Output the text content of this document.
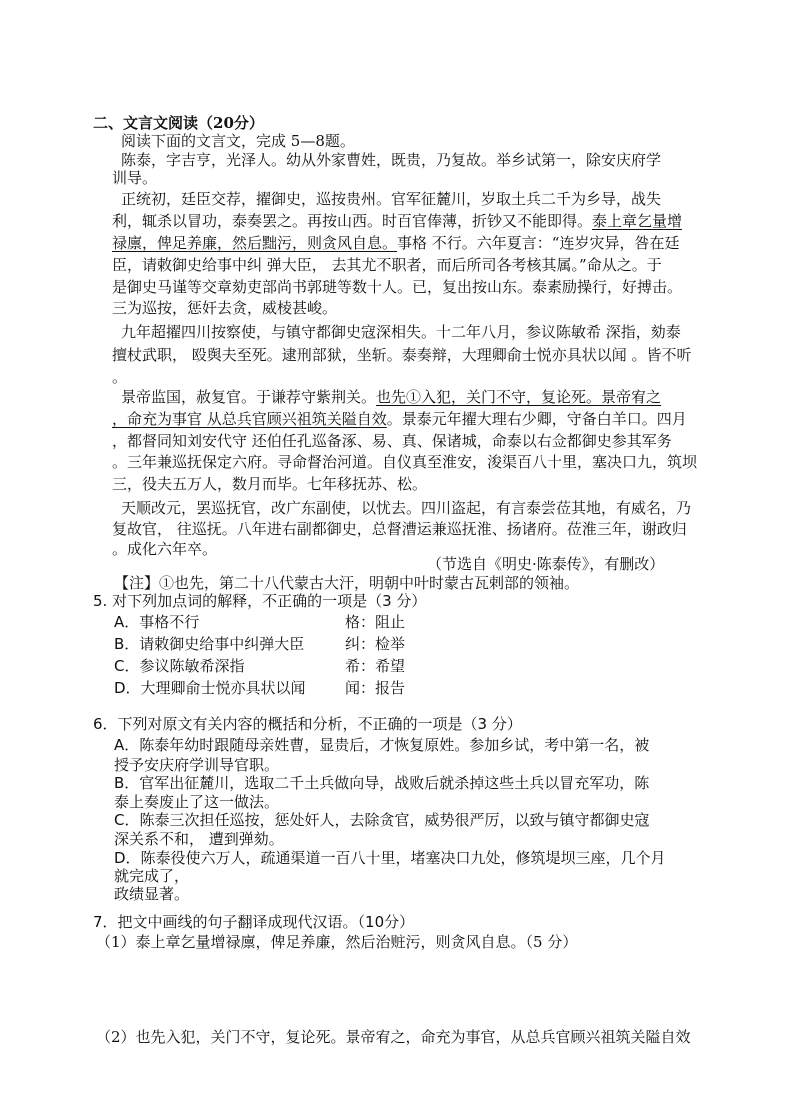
二、文言文阅读（20分）
阅读下面的文言文，完成 5—8题。
陈泰，字吉亨，光泽人。幼从外家曹姓，既贵，乃复故。举乡试第一，除安庆府学
训导。
正统初，廷臣交荐，擢御史，巡按贵州。官军征麓川，岁取土兵二千为乡导，战失
利，辄杀以冒功，泰奏罢之。再按山西。时百官俸薄，折钞又不能即得。泰上章乞量增
禄廪，俾足养廉，然后黜污，则贪风自息。事格 不行。六年夏言：“连岁灾异，咎在廷
臣，请敕御史给事中纠 弹大臣， 去其尤不职者，而后所司各考核其属。”命从之。于
是御史马谨等交章劾吏部尚书郭琎等数十人。已，复出按山东。泰素励操行，好搏击。
三为巡按，惩奸去贪，威棱甚峻。
九年超擢四川按察使，与镇守都御史寇深相失。十二年八月，参议陈敏希 深指，劾泰
擅杖武职， 殴舆夫至死。逮刑部狱，坐斩。泰奏辩，大理卿俞士悦亦具状以闻 。皆不听
。
景帝监国，赦复官。于谦荐守紫荆关。也先①入犯，关门不守，复论死。景帝宥之
，命充为事官 从总兵官顾兴祖筑关隘自效。景泰元年擢大理右少卿，守备白羊口。四月
，都督同知刘安代守 还伯任孔巡备涿、易、真、保诸城，命泰以右佥都御史参其军务
。三年兼巡抚保定六府。寻命督治河道。自仪真至淮安，浚渠百八十里，塞决口九，筑坝
三，役夫五万人，数月而毕。七年移抚苏、松。
天顺改元，罢巡抚官，改广东副使，以忧去。四川盗起，有言泰尝莅其地，有威名，乃
复故官， 往巡抚。八年进右副都御史，总督漕运兼巡抚淮、扬诸府。莅淮三年，谢政归
。成化六年卒。
（节选自《明史·陈泰传》，有删改）
【注】①也先，第二十八代蒙古大汗，明朝中叶时蒙古瓦剌部的领袖。
5. 对下列加点词的解释，不正确的一项是（3 分）
A．事格不行	格：阻止
B．请敕御史给事中纠弹大臣	纠：检举
C．参议陈敏希深指	希：希望
D．大理卿俞士悦亦具状以闻	闻：报告
6．下列对原文有关内容的概括和分析，不正确的一项是（3 分）
A．陈泰年幼时跟随母亲姓曹，显贵后，才恢复原姓。参加乡试，考中第一名，被
授予安庆府学训导官职。
B．官军出征麓川，选取二千土兵做向导，战败后就杀掉这些土兵以冒充军功，陈
泰上奏废止了这一做法。
C．陈泰三次担任巡按，惩处奸人，去除贪官，威势很严厉，以致与镇守都御史寇
深关系不和， 遭到弹劾。
D．陈泰役使六万人，疏通渠道一百八十里，堵塞决口九处，修筑堤坝三座，几个月
就完成了，
政绩显著。
7．把文中画线的句子翻译成现代汉语。（10分）
（1）泰上章乞量增禄廪，俾足养廉，然后治赃污，则贪风自息。（5 分）
（2）也先入犯，关门不守，复论死。景帝宥之，命充为事官，从总兵官顾兴祖筑关隘自效
